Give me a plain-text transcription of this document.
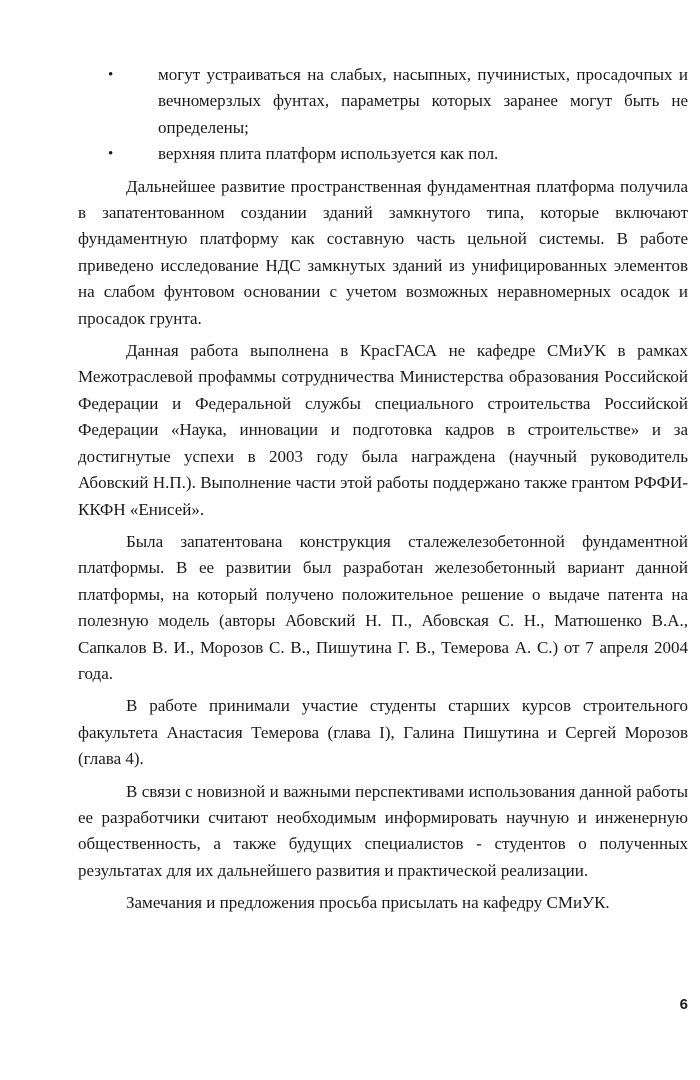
•	могут устраиваться на слабых, насыпных, пучинистых, просадочпых и вечномерзлых фунтах, параметры которых заранее могут быть не определены;
•	верхняя плита платформ используется как пол.

Дальнейшее развитие пространственная фундаментная платформа получила в запатентованном создании зданий замкнутого типа, которые включают фундаментную платформу как составную часть цельной системы. В работе приведено исследование НДС замкнутых зданий из унифицированных элементов на слабом фунтовом основании с учетом возможных неравномерных осадок и просадок грунта.

Данная работа выполнена в КрасГАСА не кафедре СМиУК в рамках Межотраслевой профаммы сотрудничества Министерства образования Российской Федерации и Федеральной службы специального строительства Российской Федерации «Наука, инновации и подготовка кадров в строительстве» и за достигнутые успехи в 2003 году была награждена (научный руководитель Абовский Н.П.). Выполнение части этой работы поддержано также грантом РФФИ-ККФН «Енисей».

Была запатентована конструкция сталежелезобетонной фундаментной платформы. В ее развитии был разработан железобетонный вариант данной платформы, на который получено положительное решение о выдаче патента на полезную модель (авторы Абовский Н. П., Абовская С. Н., Матюшенко В.А., Сапкалов В. И., Морозов С. В., Пишутина Г. В., Темерова А. С.) от 7 апреля 2004 года.

В работе принимали участие студенты старших курсов строительного факультета Анастасия Темерова (глава I), Галина Пишутина и Сергей Морозов (глава 4).

В связи с новизной и важными перспективами использования данной работы ее разработчики считают необходимым информировать научную и инженерную общественность, а также будущих специалистов - студентов о полученных результатах для их дальнейшего развития и практической реализации.

Замечания и предложения просьба присылать на кафедру СМиУК.

6
